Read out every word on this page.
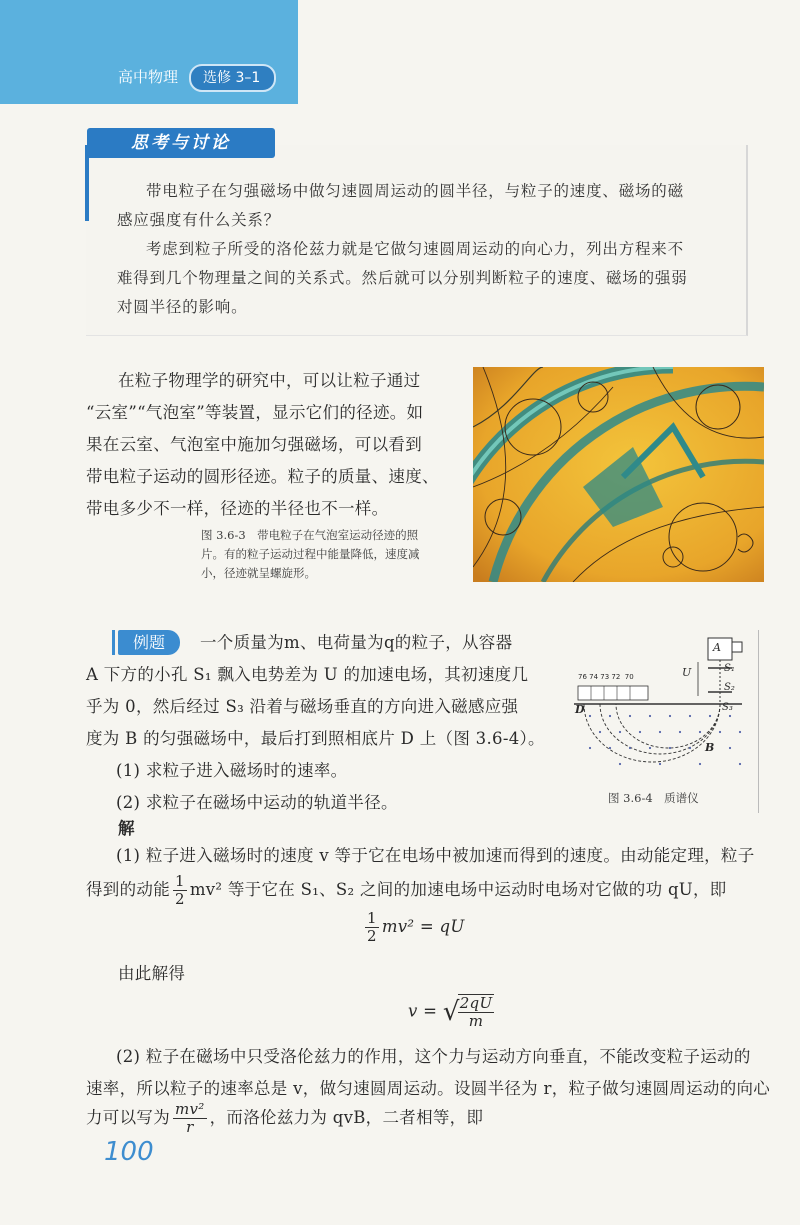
高中物理	选修 3–1
思考与讨论
带电粒子在匀强磁场中做匀速圆周运动的圆半径，与粒子的速度、磁场的磁
感应强度有什么关系？
考虑到粒子所受的洛伦兹力就是它做匀速圆周运动的向心力，列出方程来不
难得到几个物理量之间的关系式。然后就可以分别判断粒子的速度、磁场的强弱
对圆半径的影响。
在粒子物理学的研究中，可以让粒子通过
“云室”“气泡室”等装置，显示它们的径迹。如
果在云室、气泡室中施加匀强磁场，可以看到
带电粒子运动的圆形径迹。粒子的质量、速度、
带电多少不一样，径迹的半径也不一样。
图 3.6-3　带电粒子在气泡室运动径迹的照
片。有的粒子运动过程中能量降低，速度减
小，径迹就呈螺旋形。
例题	一个质量为m、电荷量为q的粒子，从容器
A 下方的小孔 S₁ 飘入电势差为 U 的加速电场，其初速度几
乎为 0，然后经过 S₃ 沿着与磁场垂直的方向进入磁感应强
度为 B 的匀强磁场中，最后打到照相底片 D 上（图 3.6-4）。
(1) 求粒子进入磁场时的速率。
(2) 求粒子在磁场中运动的轨道半径。
解
A
U	S₁
S₂
S₃
D
B
76 74 73 72  70
图 3.6-4　质谱仪
(1) 粒子进入磁场时的速度 v 等于它在电场中被加速而得到的速度。由动能定理，粒子
得到的动能 $\frac{1}{2} mv^2$ 等于它在 S₁、S₂ 之间的加速电场中运动时电场对它做的功 qU，即
$\frac{1}{2} mv^2$ = qU
由此解得
v = √
$\frac{2qU}{m}$
(2) 粒子在磁场中只受洛伦兹力的作用，这个力与运动方向垂直，不能改变粒子运动的
速率，所以粒子的速率总是 v，做匀速圆周运动。设圆半径为 r，粒子做匀速圆周运动的向心
力可以写为 $\frac{\text{mv²}}{r}$ ，而洛伦兹力为 qvB，二者相等，即
100
